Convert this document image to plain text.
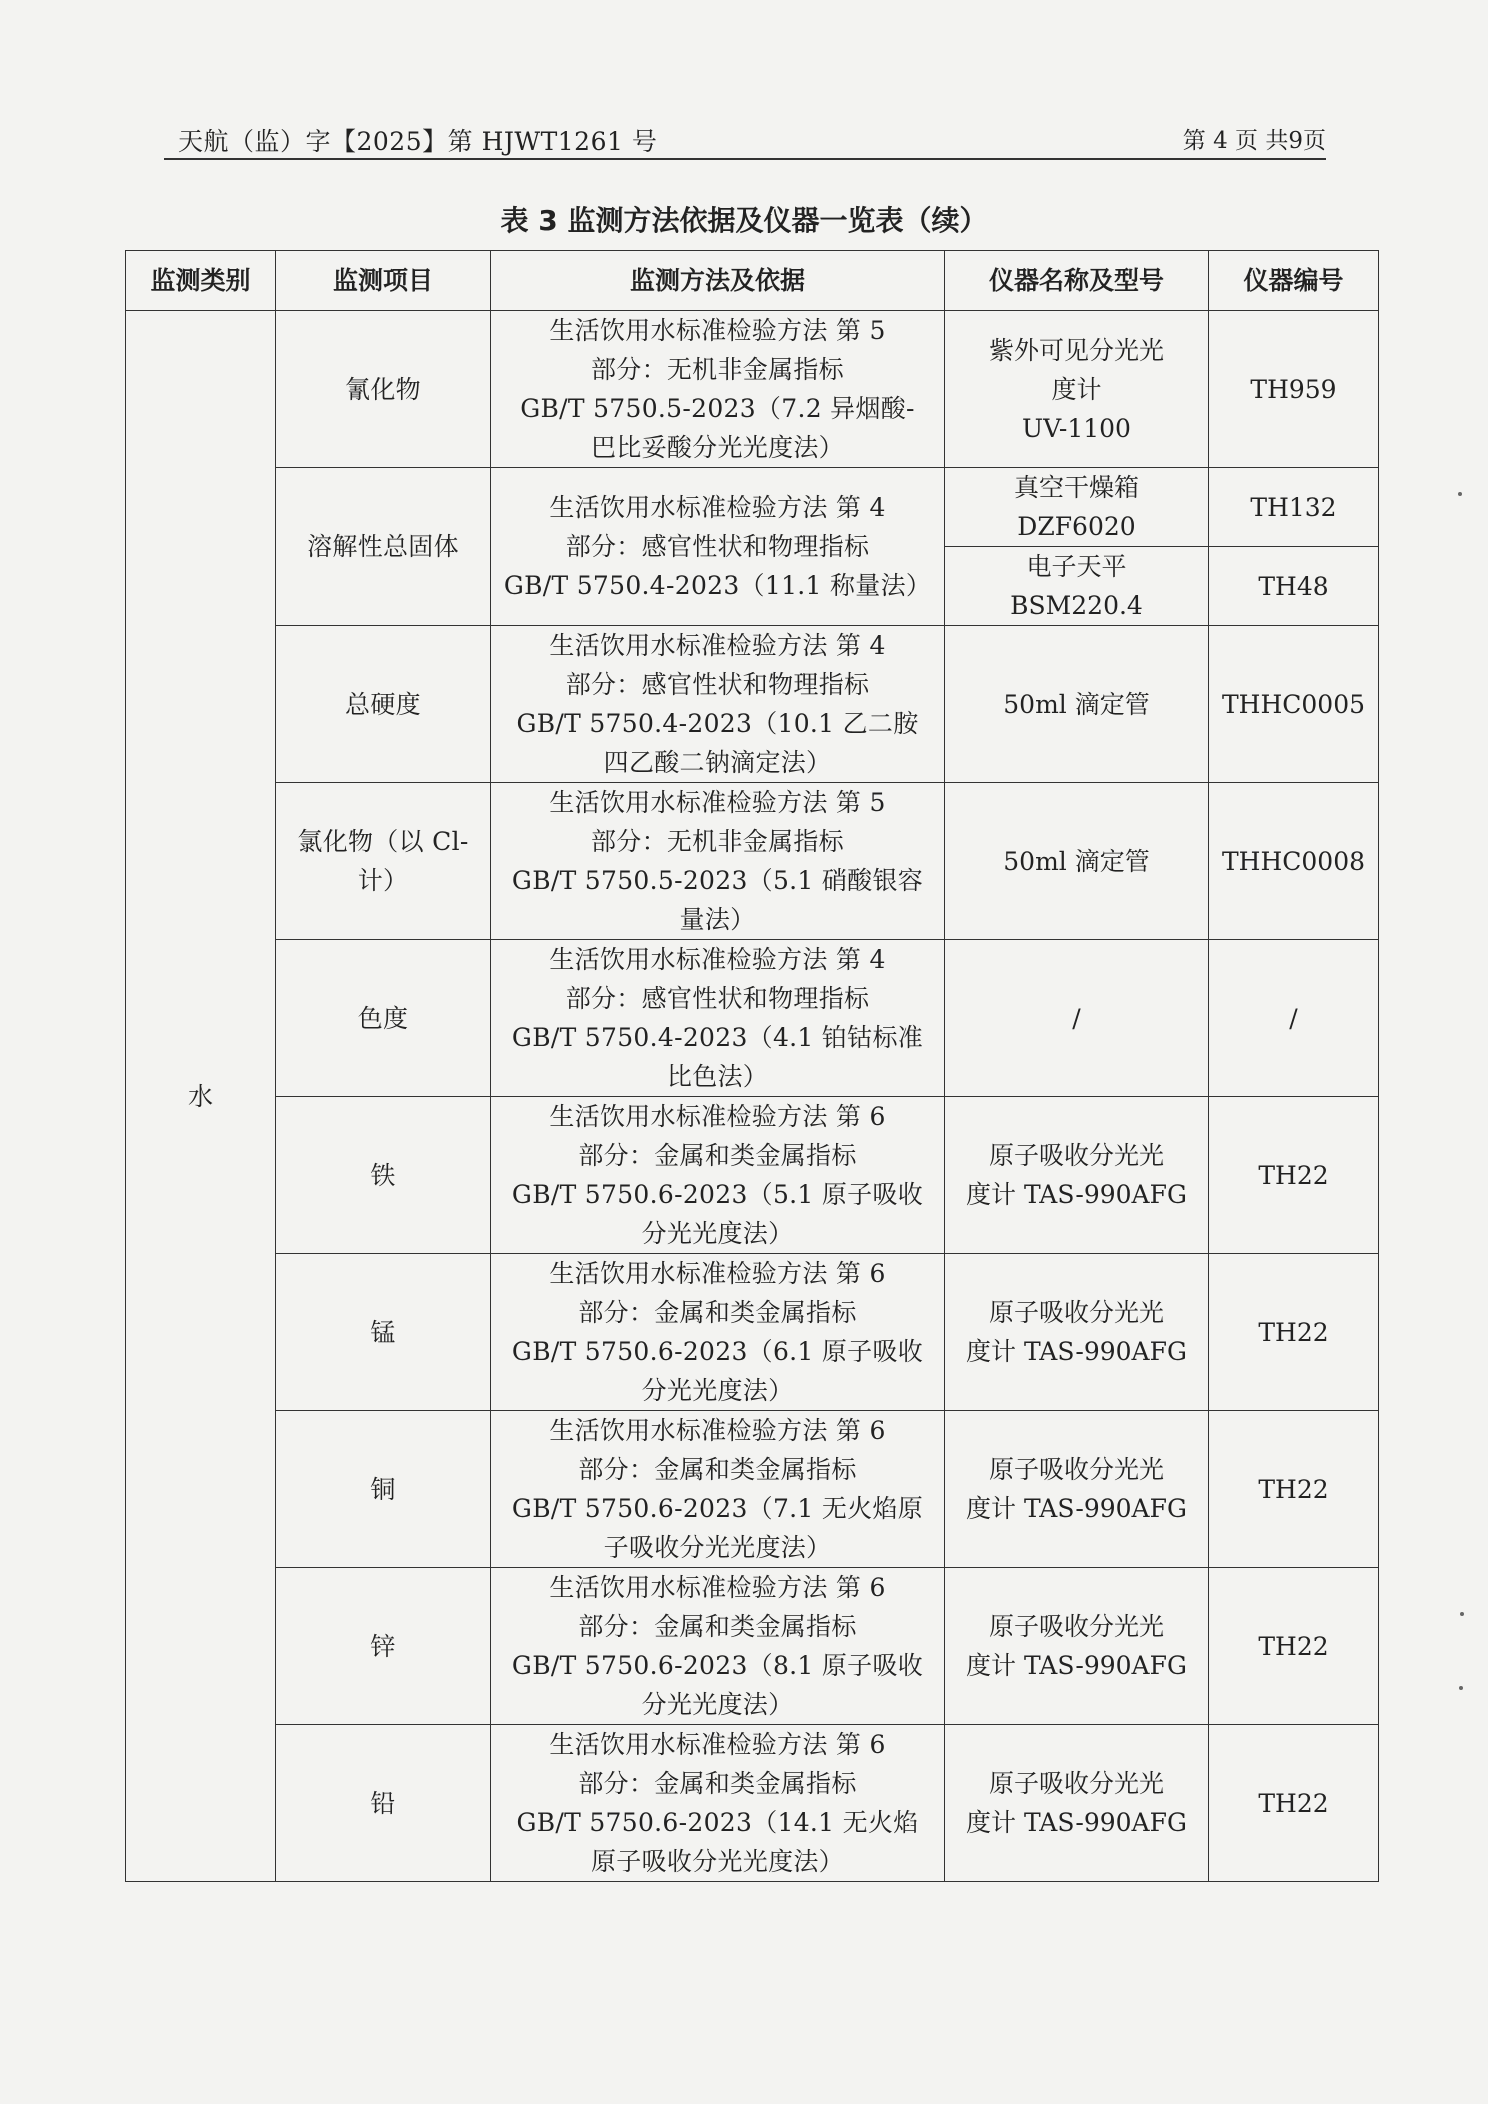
天航（监）字【2025】第 HJWT1261 号	第 4 页 共9页
表 3 监测方法依据及仪器一览表（续）
监测类别	监测项目	监测方法及依据	仪器名称及型号	仪器编号
水	氰化物	生活饮用水标准检验方法 第 5
部分：无机非金属指标
GB/T 5750.5-2023（7.2 异烟酸-
巴比妥酸分光光度法）	紫外可见分光光
度计
UV-1100	TH959
	溶解性总固体	生活饮用水标准检验方法 第 4
部分：感官性状和物理指标
GB/T 5750.4-2023（11.1 称量法）	真空干燥箱
DZF6020	TH132
			电子天平
BSM220.4	TH48
	总硬度	生活饮用水标准检验方法 第 4
部分：感官性状和物理指标
GB/T 5750.4-2023（10.1 乙二胺
四乙酸二钠滴定法）	50ml 滴定管	THHC0005
	氯化物（以 Cl-
计）	生活饮用水标准检验方法 第 5
部分：无机非金属指标
GB/T 5750.5-2023（5.1 硝酸银容
量法）	50ml 滴定管	THHC0008
	色度	生活饮用水标准检验方法 第 4
部分：感官性状和物理指标
GB/T 5750.4-2023（4.1 铂钴标准
比色法）	/	/
	铁	生活饮用水标准检验方法 第 6
部分：金属和类金属指标
GB/T 5750.6-2023（5.1 原子吸收
分光光度法）	原子吸收分光光
度计 TAS-990AFG	TH22
	锰	生活饮用水标准检验方法 第 6
部分：金属和类金属指标
GB/T 5750.6-2023（6.1 原子吸收
分光光度法）	原子吸收分光光
度计 TAS-990AFG	TH22
	铜	生活饮用水标准检验方法 第 6
部分：金属和类金属指标
GB/T 5750.6-2023（7.1 无火焰原
子吸收分光光度法）	原子吸收分光光
度计 TAS-990AFG	TH22
	锌	生活饮用水标准检验方法 第 6
部分：金属和类金属指标
GB/T 5750.6-2023（8.1 原子吸收
分光光度法）	原子吸收分光光
度计 TAS-990AFG	TH22
	铅	生活饮用水标准检验方法 第 6
部分：金属和类金属指标
GB/T 5750.6-2023（14.1 无火焰
原子吸收分光光度法）	原子吸收分光光
度计 TAS-990AFG	TH22
